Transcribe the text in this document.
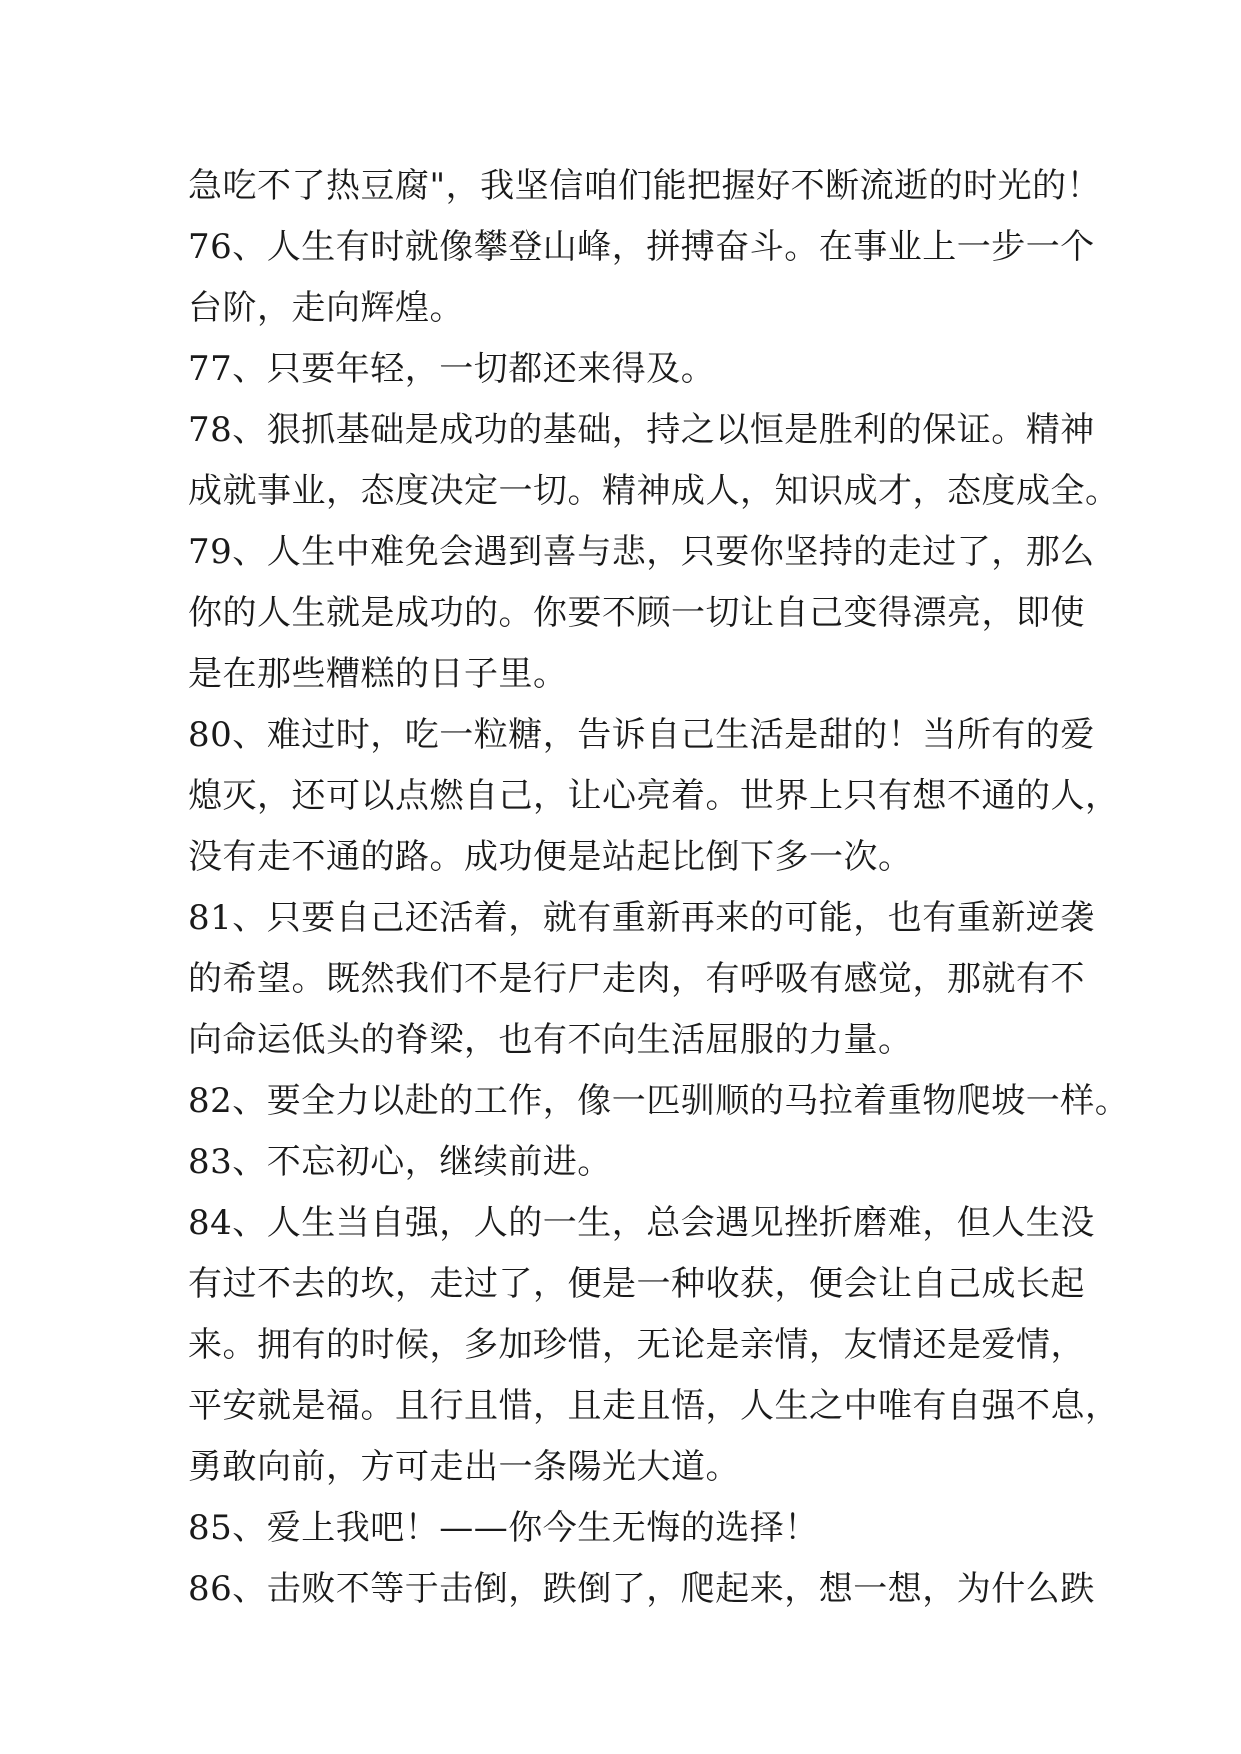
急吃不了热豆腐"，我坚信咱们能把握好不断流逝的时光的！
76、人生有时就像攀登山峰，拼搏奋斗。在事业上一步一个
台阶，走向辉煌。
77、只要年轻，一切都还来得及。
78、狠抓基础是成功的基础，持之以恒是胜利的保证。精神
成就事业，态度决定一切。精神成人，知识成才，态度成全。
79、人生中难免会遇到喜与悲，只要你坚持的走过了，那么
你的人生就是成功的。你要不顾一切让自己变得漂亮，即使
是在那些糟糕的日子里。
80、难过时，吃一粒糖，告诉自己生活是甜的！当所有的爱
熄灭，还可以点燃自己，让心亮着。世界上只有想不通的人，
没有走不通的路。成功便是站起比倒下多一次。
81、只要自己还活着，就有重新再来的可能，也有重新逆袭
的希望。既然我们不是行尸走肉，有呼吸有感觉，那就有不
向命运低头的脊梁，也有不向生活屈服的力量。
82、要全力以赴的工作，像一匹驯顺的马拉着重物爬坡一样。
83、不忘初心，继续前进。
84、人生当自强，人的一生，总会遇见挫折磨难，但人生没
有过不去的坎，走过了，便是一种收获，便会让自己成长起
来。拥有的时候，多加珍惜，无论是亲情，友情还是爱情，
平安就是福。且行且惜，且走且悟，人生之中唯有自强不息，
勇敢向前，方可走出一条陽光大道。
85、爱上我吧！——你今生无悔的选择！
86、击败不等于击倒，跌倒了，爬起来，想一想，为什么跌
